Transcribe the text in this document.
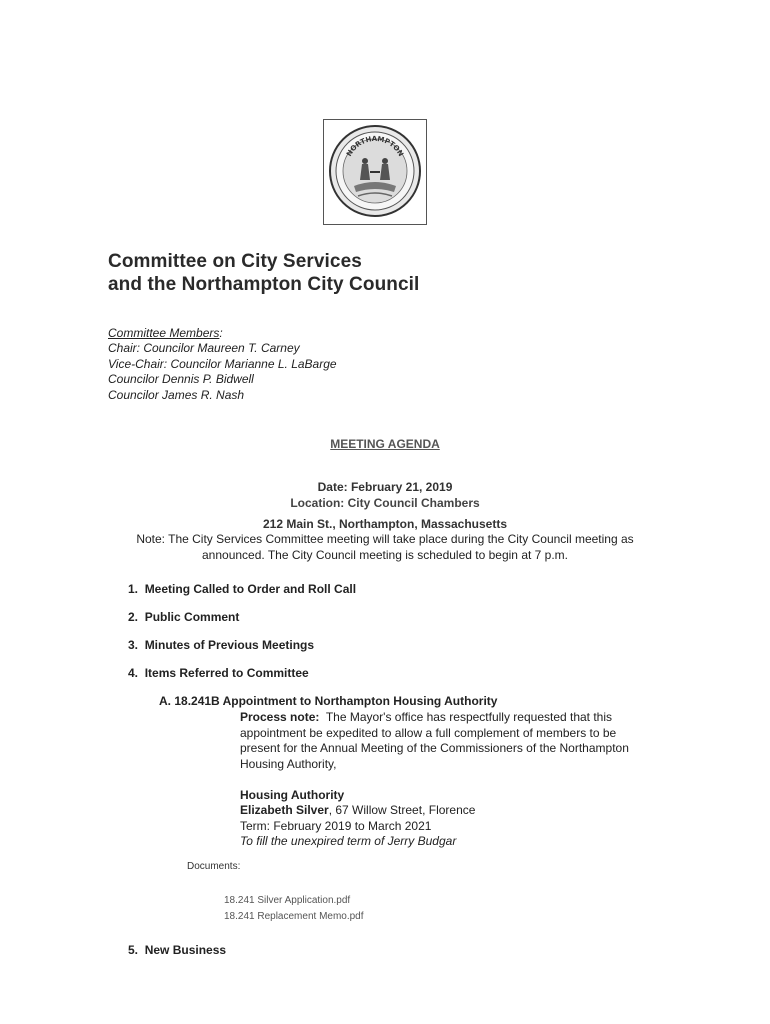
NORTHAMPTON
Committee on City Services
and the Northampton City Council
Committee Members:
Chair: Councilor Maureen T. Carney
Vice-Chair: Councilor Marianne L. LaBarge
Councilor Dennis P. Bidwell
Councilor James R. Nash
MEETING AGENDA
Date: February 21, 2019
Location: City Council Chambers
212 Main St., Northampton, Massachusetts
Note: The City Services Committee meeting will take place during the City Council meeting as
announced. The City Council meeting is scheduled to begin at 7 p.m.
1. Meeting Called to Order and Roll Call
2. Public Comment
3. Minutes of Previous Meetings
4. Items Referred to Committee
A. 18.241B Appointment to Northampton Housing Authority
Process note: The Mayor's office has respectfully requested that this
appointment be expedited to allow a full complement of members to be
present for the Annual Meeting of the Commissioners of the Northampton
Housing Authority,
Housing Authority
Elizabeth Silver, 67 Willow Street, Florence
Term: February 2019 to March 2021
To fill the unexpired term of Jerry Budgar
Documents:
18.241 Silver Application.pdf
18.241 Replacement Memo.pdf
5. New Business
